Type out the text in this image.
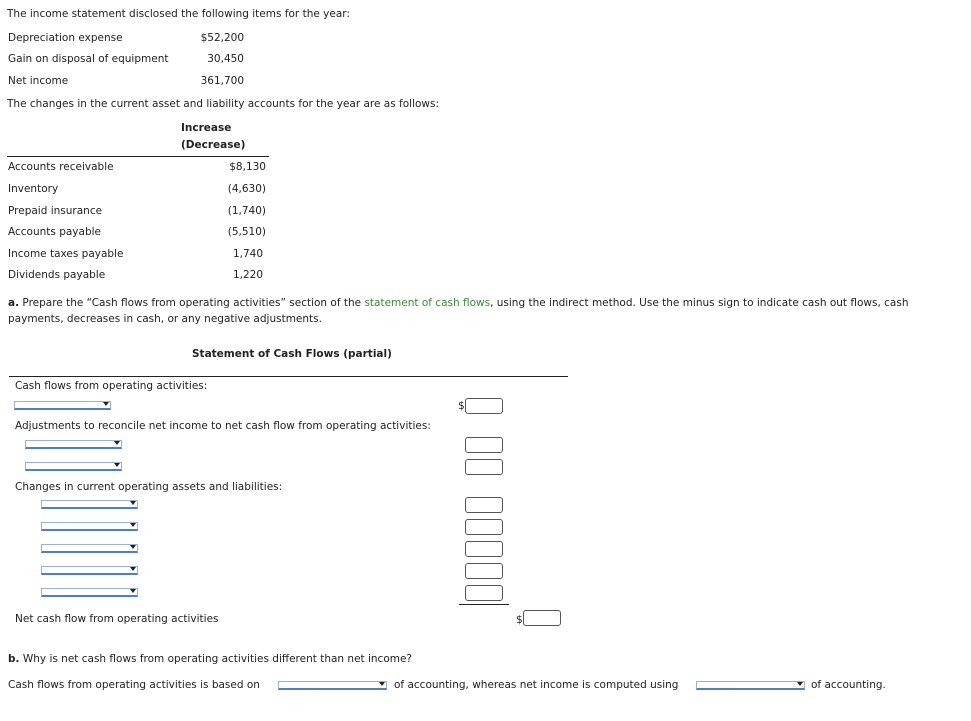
The income statement disclosed the following items for the year:
Depreciation expense	$52,200
Gain on disposal of equipment	30,450
Net income	361,700
The changes in the current asset and liability accounts for the year are as follows:
Increase
(Decrease)
Accounts receivable	$8,130
Inventory	(4,630)
Prepaid insurance	(1,740)
Accounts payable	(5,510)
Income taxes payable	1,740
Dividends payable	1,220
a. Prepare the “Cash flows from operating activities” section of the statement of cash flows, using the indirect method. Use the minus sign to indicate cash out flows, cash
payments, decreases in cash, or any negative adjustments.
Statement of Cash Flows (partial)
Cash flows from operating activities:
$
Adjustments to reconcile net income to net cash flow from operating activities:
Changes in current operating assets and liabilities:
Net cash flow from operating activities	$
b. Why is net cash flows from operating activities different than net income?
Cash flows from operating activities is based on	of accounting, whereas net income is computed using	of accounting.
